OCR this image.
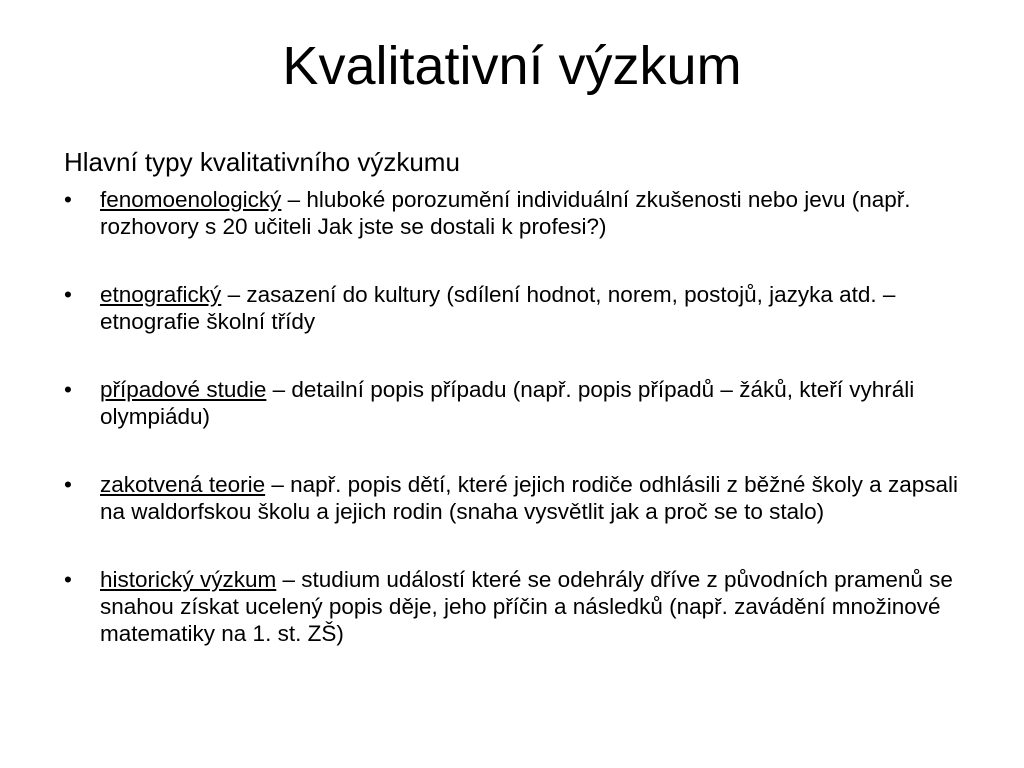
Kvalitativní výzkum

Hlavní typy kvalitativního výzkumu

•	fenomoenologický – hluboké porozumění individuální zkušenosti nebo jevu (např. rozhovory s 20 učiteli Jak jste se dostali k profesi?)
•	etnografický – zasazení do kultury (sdílení hodnot, norem, postojů, jazyka atd. – etnografie školní třídy
•	případové studie – detailní popis případu (např. popis případů – žáků, kteří vyhráli olympiádu)
•	zakotvená teorie – např. popis dětí, které jejich rodiče odhlásili z běžné školy a zapsali na waldorfskou školu a jejich rodin (snaha vysvětlit jak a proč se to stalo)
•	historický výzkum – studium událostí které se odehrály dříve z původních pramenů se snahou získat ucelený popis děje, jeho příčin a následků (např. zavádění množinové matematiky na 1. st. ZŠ)
